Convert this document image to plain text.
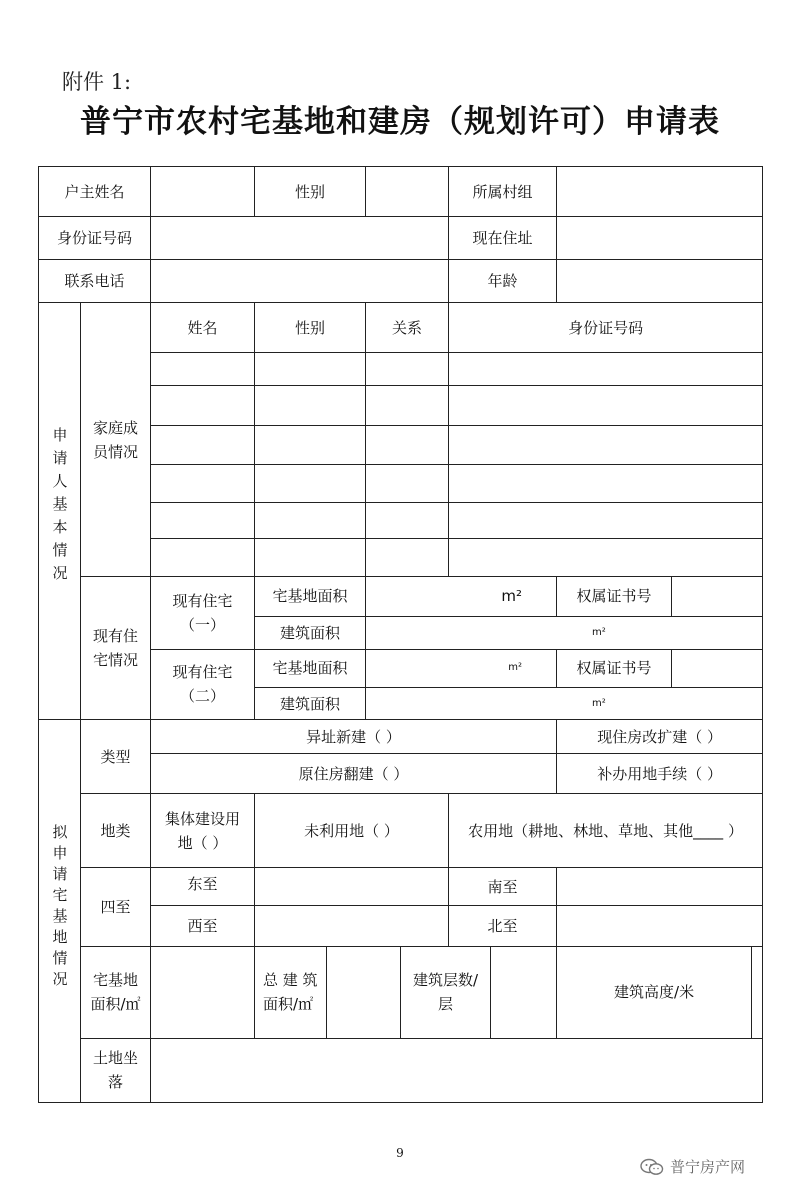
附件 1:
普宁市农村宅基地和建房（规划许可）申请表
户主姓名			性别				所属村组				
身份证号码							现在住址				
联系电话							年龄				
申请人基本情况	家庭成员情况	姓名	性别		关系		身份证号码				

	现有住宅情况	现有住宅（一）	宅基地面积		m²				权属证书号		
			建筑面积		m²						
		现有住宅（二）	宅基地面积		m²				权属证书号		
			建筑面积		m²						
拟申请宅基地情况	类型	异址新建（ ）							现住房改扩建（ ）		
		原住房翻建（ ）							补办用地手续（ ）		
	地类	集体建设用地（ ）	未利用地（ ）				农用地（耕地、林地、草地、其他____ ）				
	四至	东至					南至				
		西至					北至				
	宅基地面积/㎡		总 建 筑面积/㎡			建筑层数/层			建筑高度/米		
	土地坐落										
9
普宁房产网
